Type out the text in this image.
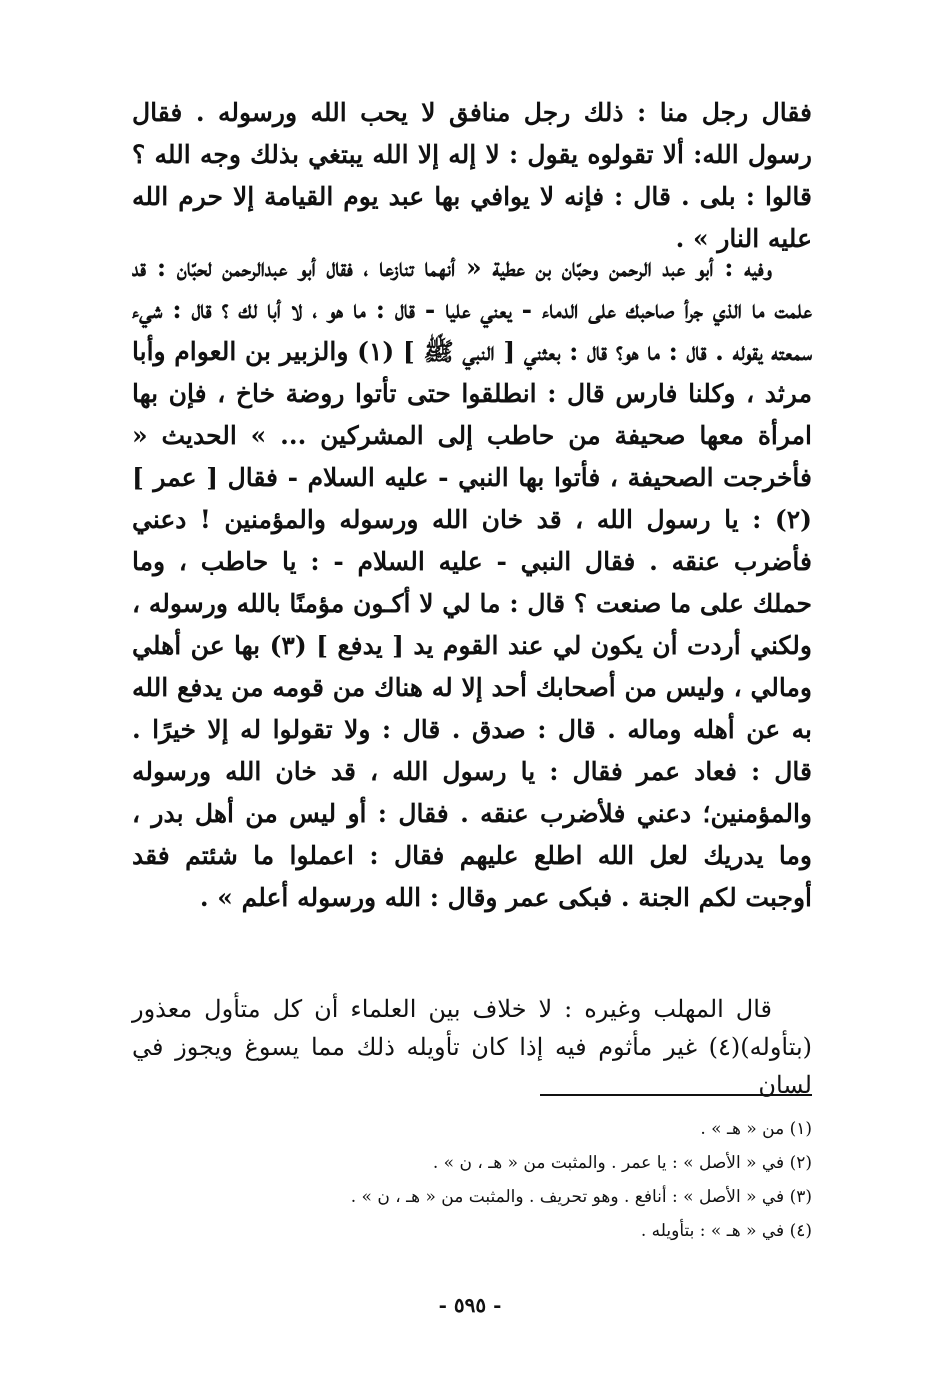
فقال رجل منا : ذلك رجل منافق لا يحب الله ورسوله . فقال رسول الله: ألا تقولوه يقول : لا إله إلا الله يبتغي بذلك وجه الله ؟ قالوا : بلى . قال : فإنه لا يوافي بها عبد يوم القيامة إلا حرم الله عليه النار » .
وفيه : أبو عبد الرحمن وحبّان بن عطية « أنهما تنازعا ، فقال أبو عبدالرحمن لحبّان : قد علمت ما الذي جرأ صاحبك على الدماء - يعني عليا - قال : ما هو ، لا أبا لك ؟ قال : شيء سمعته يقوله . قال : ما هو؟ قال : بعثني [ النبي ﷺ ] (١) والزبير بن العوام وأبا مرثد ، وكلنا فارس قال : انطلقوا حتى تأتوا روضة خاخ ، فإن بها امرأة معها صحيفة من حاطب إلى المشركين ... » الحديث « فأخرجت الصحيفة ، فأتوا بها النبي - عليه السلام - فقال [ عمر ] (٢) : يا رسول الله ، قد خان الله ورسوله والمؤمنين ! دعني فأضرب عنقه . فقال النبي - عليه السلام - : يا حاطب ، وما حملك على ما صنعت ؟ قال : ما لي لا أكـون مؤمنًا بالله ورسوله ، ولكني أردت أن يكون لي عند القوم يد [ يدفع ] (٣) بها عن أهلي ومالي ، وليس من أصحابك أحد إلا له هناك من قومه من يدفع الله به عن أهله وماله . قال : صدق . قال : ولا تقولوا له إلا خيرًا . قال : فعاد عمر فقال : يا رسول الله ، قد خان الله ورسوله والمؤمنين؛ دعني فلأضرب عنقه . فقال : أو ليس من أهل بدر ، وما يدريك لعل الله اطلع عليهم فقال : اعملوا ما شئتم فقد أوجبت لكم الجنة . فبكى عمر وقال : الله ورسوله أعلم » .
قال المهلب وغيره : لا خلاف بين العلماء أن كل متأول معذور (بتأوله)(٤) غير مأثوم فيه إذا كان تأويله ذلك مما يسوغ ويجوز في لسان
(١) من « هـ » .
(٢) في « الأصل » : يا عمر . والمثبت من « هـ ، ن » .
(٣) في « الأصل » : أنافع . وهو تحريف . والمثبت من « هـ ، ن » .
(٤) في « هـ » : بتأويله .
- ٥٩٥ -
